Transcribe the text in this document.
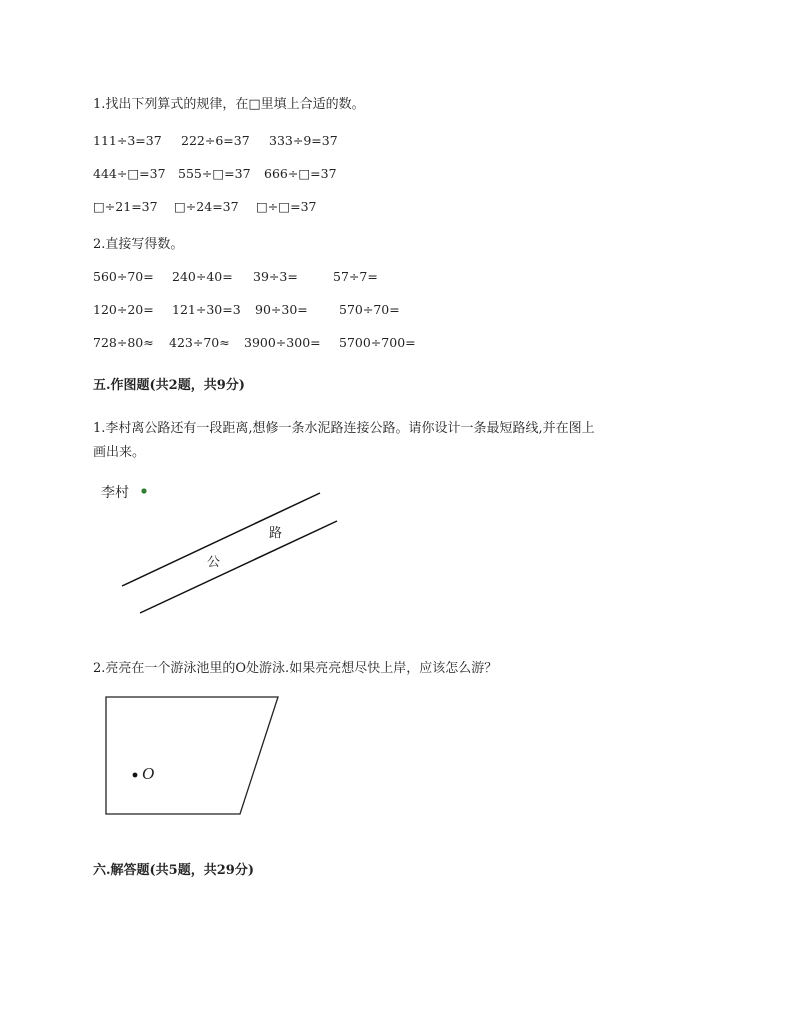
1.找出下列算式的规律，在□里填上合适的数。
111÷3=37 222÷6=37 333÷9=37
444÷□=37 555÷□=37 666÷□=37
□÷21=37 □÷24=37 □÷□=37
2.直接写得数。
560÷70= 240÷40= 39÷3=	57÷7=
120÷20= 121÷30=3 90÷30= 570÷70=
728÷80≈ 423÷70≈ 3900÷300= 5700÷700=
五.作图题(共2题，共9分)
1.李村离公路还有一段距离,想修一条水泥路连接公路。请你设计一条最短路线,并在图上
画出来。
李村
公
路
2.亮亮在一个游泳池里的O处游泳.如果亮亮想尽快上岸，应该怎么游？
O
六.解答题(共5题，共29分)
